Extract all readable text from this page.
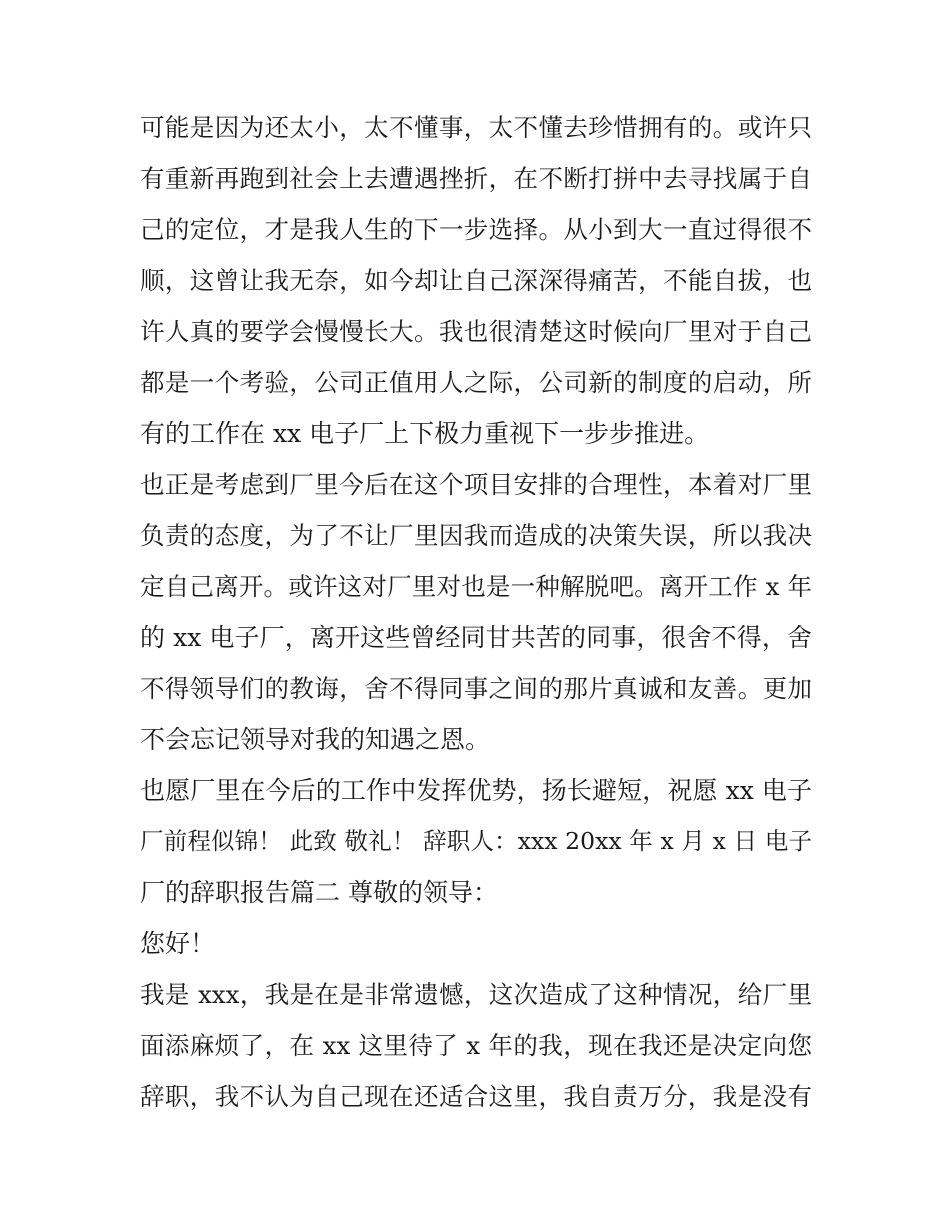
可能是因为还太小，太不懂事，太不懂去珍惜拥有的。或许只
有重新再跑到社会上去遭遇挫折，在不断打拼中去寻找属于自
己的定位，才是我人生的下一步选择。从小到大一直过得很不
顺，这曾让我无奈，如今却让自己深深得痛苦，不能自拔，也
许人真的要学会慢慢长大。我也很清楚这时候向厂里对于自己
都是一个考验，公司正值用人之际，公司新的制度的启动，所
有的工作在 xx 电子厂上下极力重视下一步步推进。
也正是考虑到厂里今后在这个项目安排的合理性，本着对厂里
负责的态度，为了不让厂里因我而造成的决策失误，所以我决
定自己离开。或许这对厂里对也是一种解脱吧。离开工作 x 年
的 xx 电子厂，离开这些曾经同甘共苦的同事，很舍不得，舍
不得领导们的教诲，舍不得同事之间的那片真诚和友善。更加
不会忘记领导对我的知遇之恩。
也愿厂里在今后的工作中发挥优势，扬长避短，祝愿 xx 电子
厂前程似锦！ 此致 敬礼！ 辞职人：xxx 20xx 年 x 月 x 日 电子
厂的辞职报告篇二 尊敬的领导：
您好！
我是 xxx，我是在是非常遗憾，这次造成了这种情况，给厂里
面添麻烦了，在 xx 这里待了 x 年的我，现在我还是决定向您
辞职，我不认为自己现在还适合这里，我自责万分，我是没有
